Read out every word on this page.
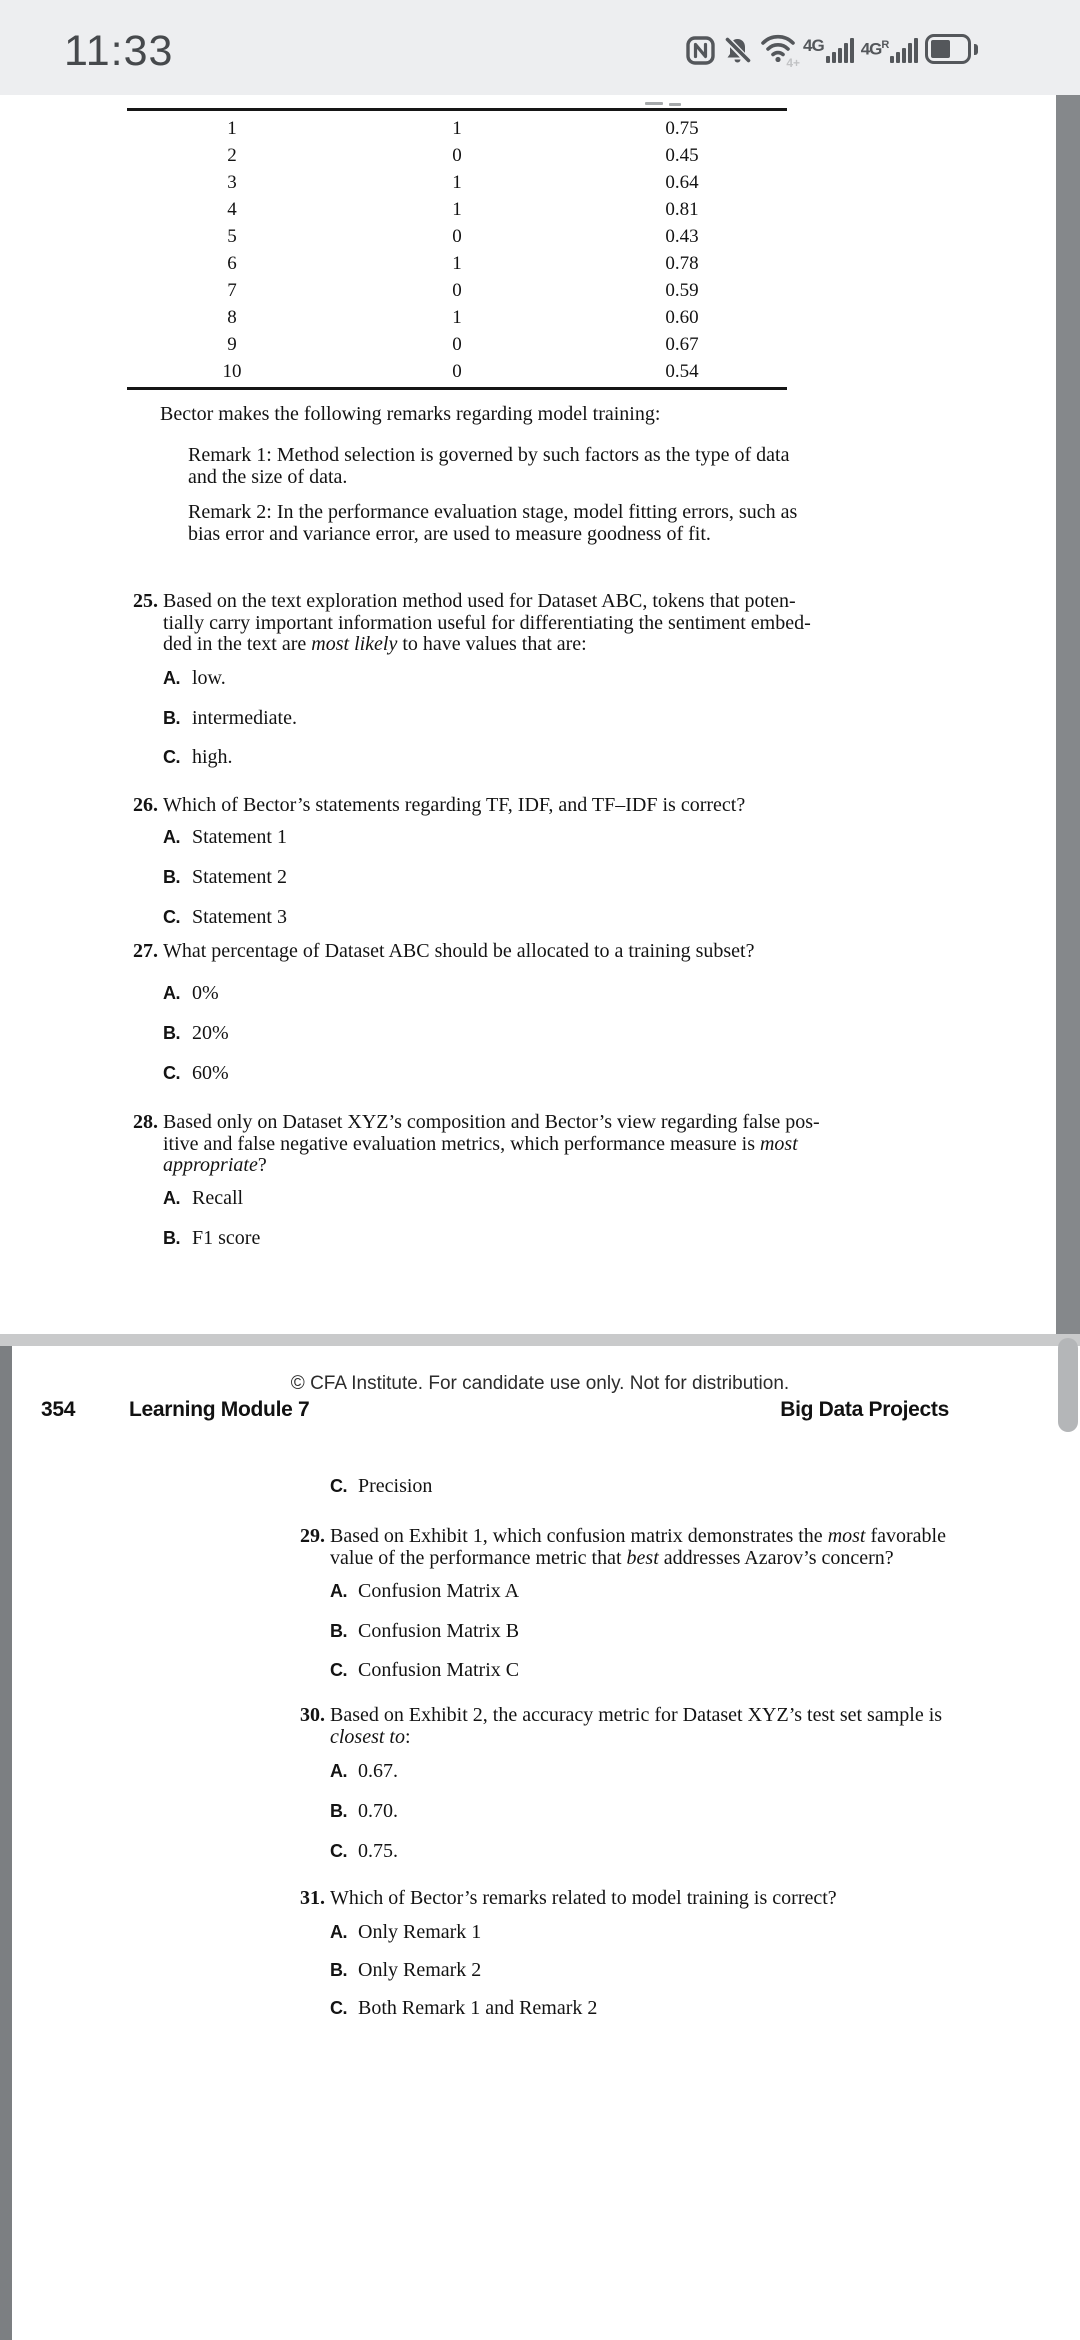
11:33	4+
4G $4G^R$
1	1	0.75
2	0	0.45
3	1	0.64
4	1	0.81
5	0	0.43
6	1	0.78
7	0	0.59
8	1	0.60
9	0	0.67
10	0	0.54
Bector makes the following remarks regarding model training:
Remark 1: Method selection is governed by such factors as the type of data
and the size of data.
Remark 2: In the performance evaluation stage, model fitting errors, such as
bias error and variance error, are used to measure goodness of fit.
25. Based on the text exploration method used for Dataset ABC, tokens that poten-
tially carry important information useful for differentiating the sentiment embed-
ded in the text are most likely to have values that are:
A. low.
B. intermediate.
C. high.
26. Which of Bector’s statements regarding TF, IDF, and TF–IDF is correct?
A. Statement 1
B. Statement 2
C. Statement 3
27. What percentage of Dataset ABC should be allocated to a training subset?
A. 0%
B. 20%
C. 60%
28. Based only on Dataset XYZ’s composition and Bector’s view regarding false pos-
itive and false negative evaluation metrics, which performance measure is most
appropriate?
A. Recall
B. F1 score
© CFA Institute. For candidate use only. Not for distribution.
354	Learning Module 7	Big Data Projects
C. Precision
29. Based on Exhibit 1, which confusion matrix demonstrates the most favorable
value of the performance metric that best addresses Azarov’s concern?
A. Confusion Matrix A
B. Confusion Matrix B
C. Confusion Matrix C
30. Based on Exhibit 2, the accuracy metric for Dataset XYZ’s test set sample is
closest to:
A. 0.67.
B. 0.70.
C. 0.75.
31. Which of Bector’s remarks related to model training is correct?
A. Only Remark 1
B. Only Remark 2
C. Both Remark 1 and Remark 2
